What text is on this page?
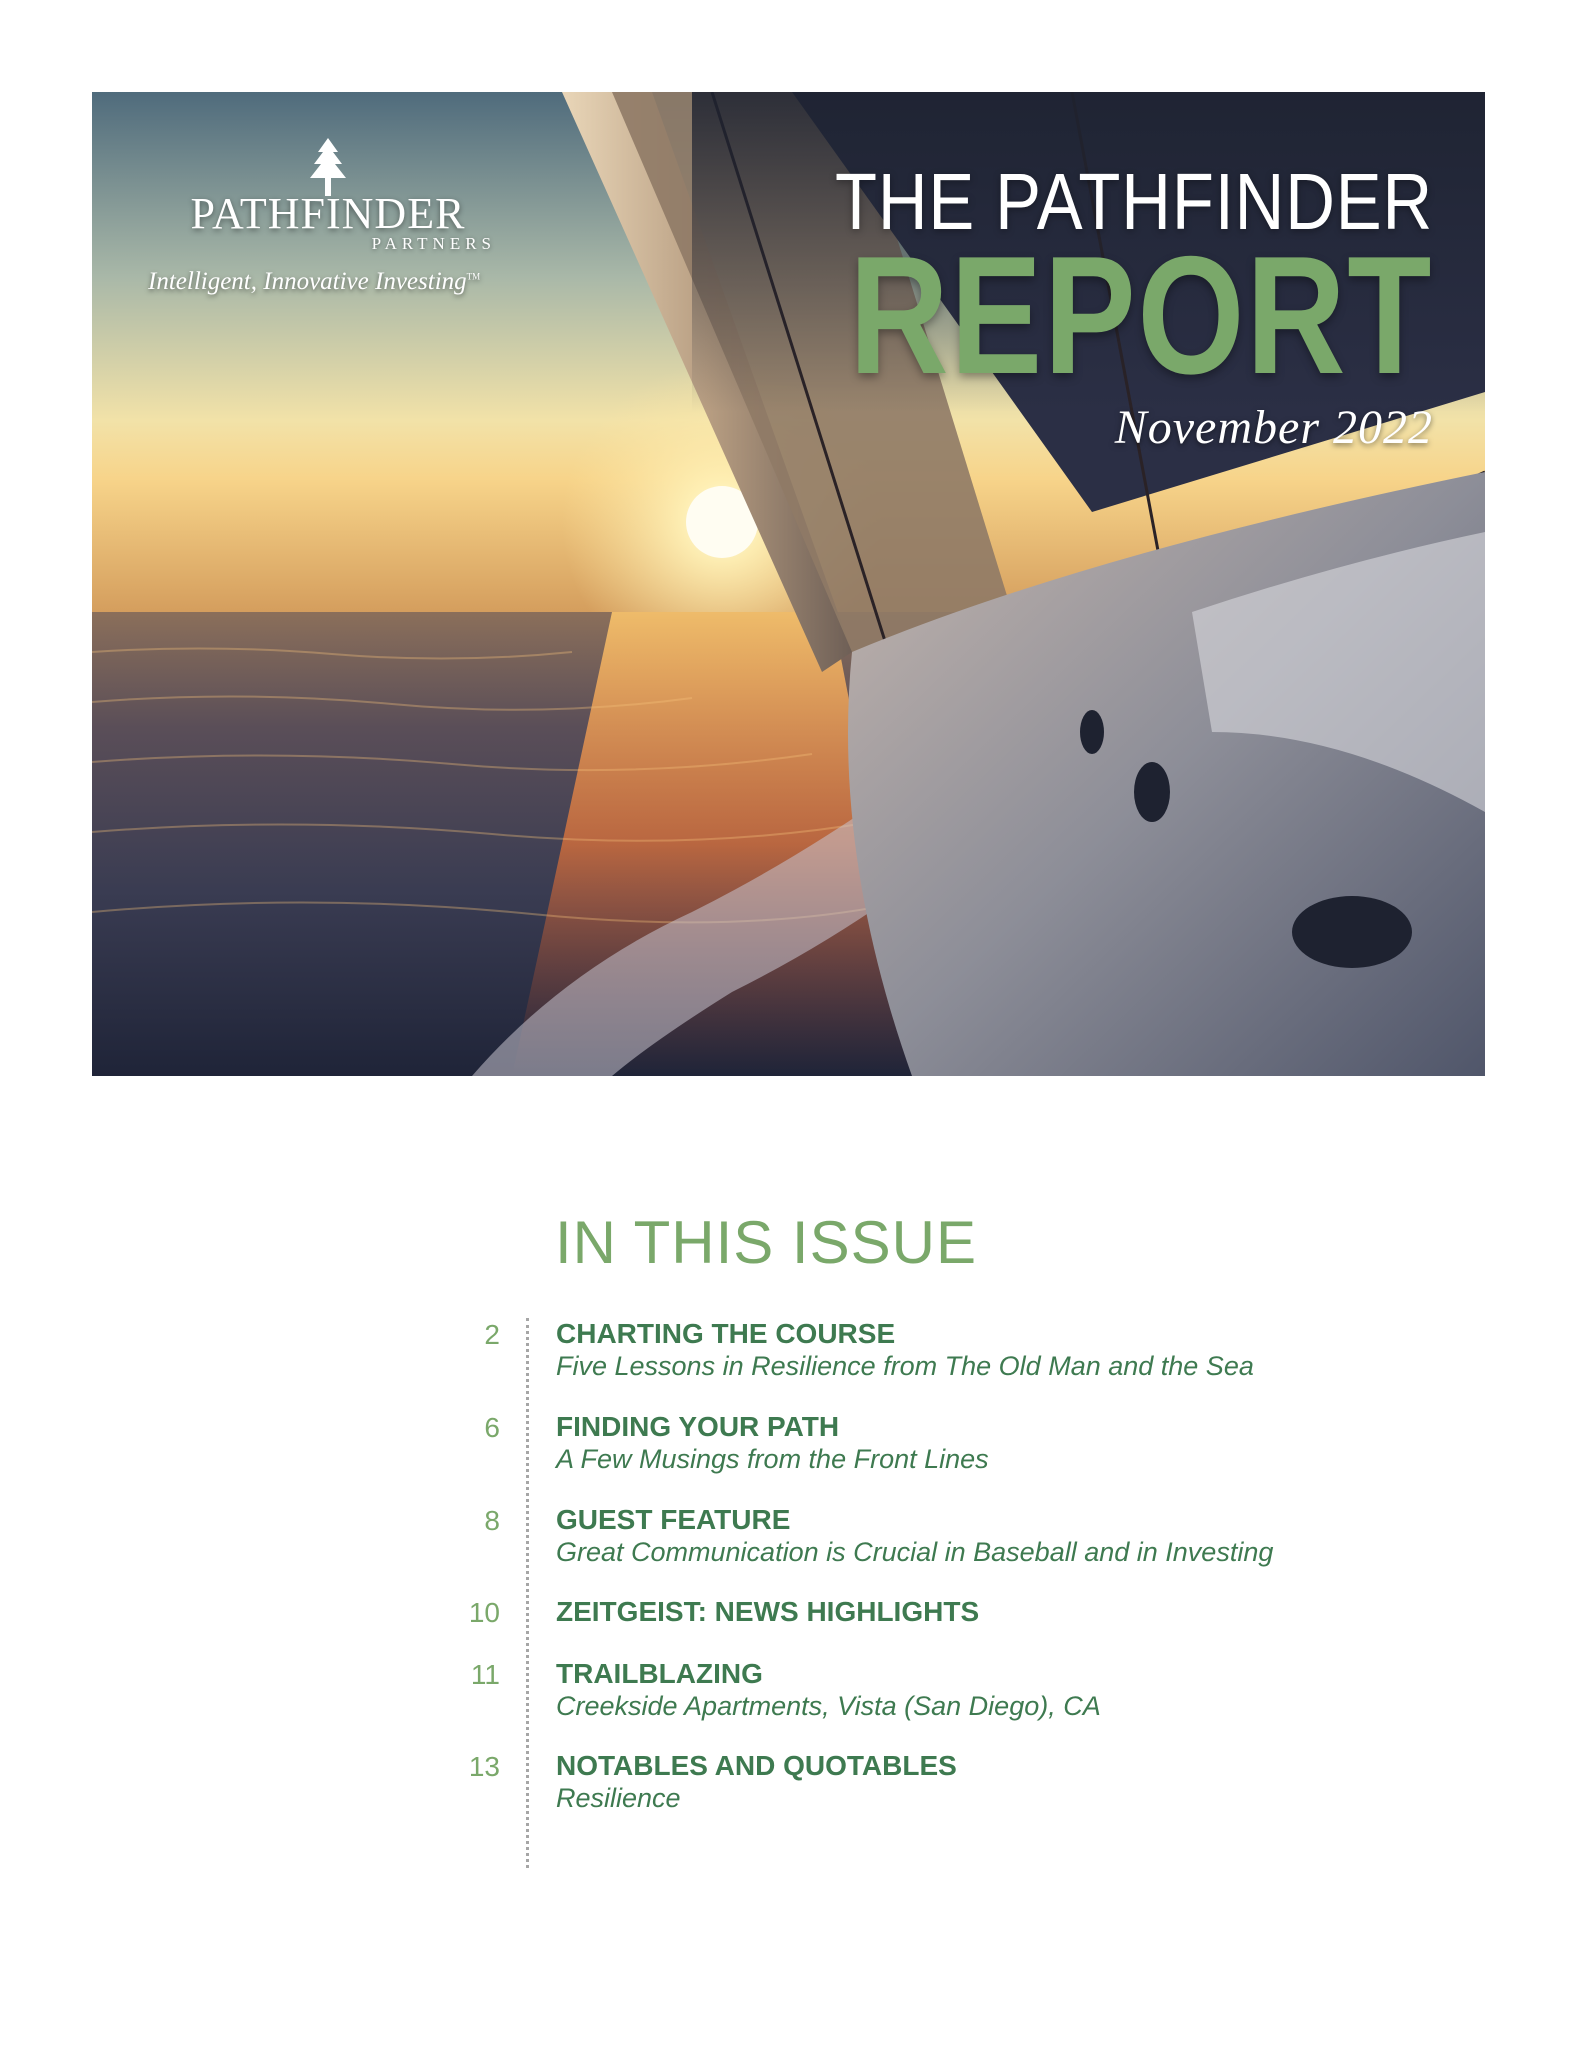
PATHFINDER
PARTNERS
Intelligent, Innovative Investing™
THE PATHFINDER
REPORT
November 2022
IN THIS ISSUE
2 CHARTING THE COURSE
Five Lessons in Resilience from The Old Man and the Sea
6 FINDING YOUR PATH
A Few Musings from the Front Lines
8 GUEST FEATURE
Great Communication is Crucial in Baseball and in Investing
10 ZEITGEIST: NEWS HIGHLIGHTS
11 TRAILBLAZING
Creekside Apartments, Vista (San Diego), CA
13 NOTABLES AND QUOTABLES
Resilience
